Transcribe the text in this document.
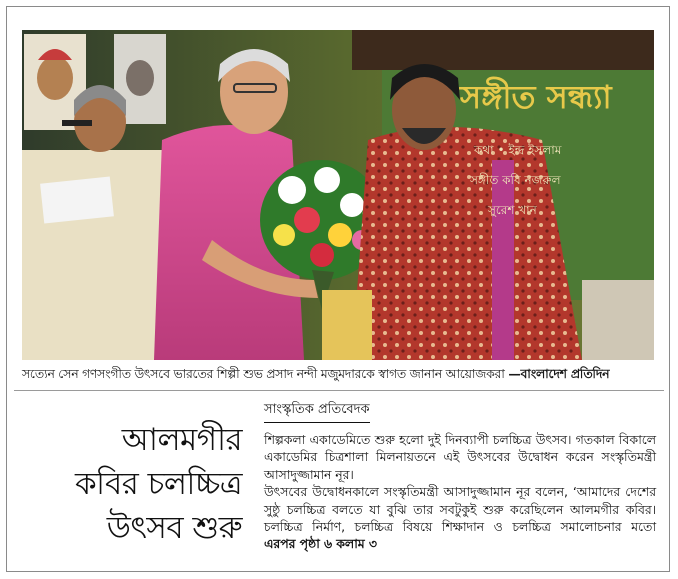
সঙ্গীত সন্ধ্যা
কথা • ইন্দ্র ইসলাম
সঙ্গীত কবি নজরুল
সুরেশ খান
সত্যেন সেন গণসংগীত উৎসবে ভারতের শিল্পী শুভ প্রসাদ নন্দী মজুমদারকে স্বাগত জানান আয়োজকরা —বাংলাদেশ প্রতিদিন
আলমগীর
কবির চলচ্চিত্র
উৎসব শুরু
সাংস্কৃতিক প্রতিবেদক

শিল্পকলা একাডেমিতে শুরু হলো দুই দিনব্যাপী চলচ্চিত্র উৎসব। গতকাল বিকালে একাডেমির চিত্রশালা মিলনায়তনে এই উৎসবের উদ্বোধন করেন সংস্কৃতিমন্ত্রী আসাদুজ্জামান নূর।

উৎসবের উদ্বোধনকালে সংস্কৃতিমন্ত্রী আসাদুজ্জামান নূর বলেন, ‘আমাদের দেশের সুষ্ঠু চলচ্চিত্র বলতে যা বুঝি তার সবটুকুই শুরু করেছিলেন আলমগীর কবির। চলচ্চিত্র নির্মাণ, চলচ্চিত্র বিষয়ে শিক্ষাদান ও চলচ্চিত্র সমালোচনার মতো এরপর পৃষ্ঠা ৬ কলাম ৩
